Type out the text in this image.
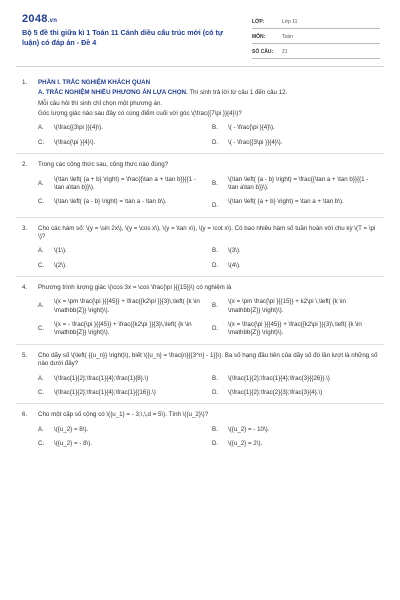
2048.vn
Bộ 5 đề thi giữa kì 1 Toán 11 Cánh diều cấu trúc mới (có tự luận) có đáp án - Đề 4
LỚP:	Lớp 11
MÔN:	Toán
SỐ CÂU:	21
1. PHẦN I. TRẮC NGHIỆM KHÁCH QUAN
A. TRẮC NGHIỆM NHIỀU PHƯƠNG ÁN LỰA CHỌN. Thí sinh trả lời từ câu 1 đến câu 12.
Mỗi câu hỏi thí sinh chỉ chọn một phương án.
Góc lượng giác nào sau đây có cùng điểm cuối với góc \(\frac{{7\pi }}{4}\)?
A.	\(\frac{{3\pi }}{4}\).	B.	\( - \frac{\pi }{4}\).
C.	\(\frac{\pi }{4}\).	D.	\( - \frac{{3\pi }}{4}\).
2. Trong các công thức sau, công thức nào đúng?
A.
\(\tan \left( {a + b} \right) = \frac{{\tan a + \tan b}}{{1 - \tan a\tan b}}\).
B.
\(\tan \left( {a - b} \right) = \frac{{\tan a + \tan b}}{{1 - \tan a\tan b}}\).
C.	\(\tan \left( {a - b} \right) = \tan a - \tan b\).
D.
\(\tan \left( {a + b} \right) = \tan a + \tan b\).
3. Cho các hàm số: \(y = \sin 2x\), \(y = \cos x\), \(y = \tan x\), \(y = \cot x\). Có bao nhiêu hàm số tuần hoàn với chu kỳ \(T = \pi \)?
A.	\(1\).	B.	\(3\).
C.	\(2\).	D.	\(4\).
4. Phương trình lượng giác \(\cos 3x = \cos \frac{\pi }{{15}}\) có nghiệm là
A.
\(x = \pm \frac{\pi }{{45}} + \frac{{k2\pi }}{3}\,\left( {k \in \mathbb{Z}} \right)\).
B.
\(x = \pm \frac{\pi }{{15}} + k2\pi \,\left( {k \in \mathbb{Z}} \right)\).
C.
\(x = - \frac{\pi }{{45}} + \frac{{k2\pi }}{3}\,\left( {k \in \mathbb{Z}} \right)\).
D.
\(x = \frac{\pi }{{45}} + \frac{{k2\pi }}{3}\,\left( {k \in \mathbb{Z}} \right)\).
5. Cho dãy số \(\left( {{u_n}} \right)\), biết \({u_n} = \frac{n}{{3^n} - 1}}\). Ba số hạng đầu tiên của dãy số đó lần lượt là những số nào dưới đây?
A.	\(\frac{1}{2};\frac{1}{4};\frac{1}{8}.\)	B.	\(\frac{1}{2};\frac{1}{4};\frac{3}{{26}}.\)
C.	\(\frac{1}{2};\frac{1}{4};\frac{1}{{16}}.\)	D.	\(\frac{1}{2};\frac{2}{3};\frac{3}{4}.\)
6. Cho một cấp số cộng có \({u_1} = - 3;\,\,d = 5\). Tính \({u_2}\)?
A.	\({u_2} = 8\).	B.	\({u_2} = - 10\).
C.	\({u_2} = - 8\).	D.	\({u_2} = 2\).
